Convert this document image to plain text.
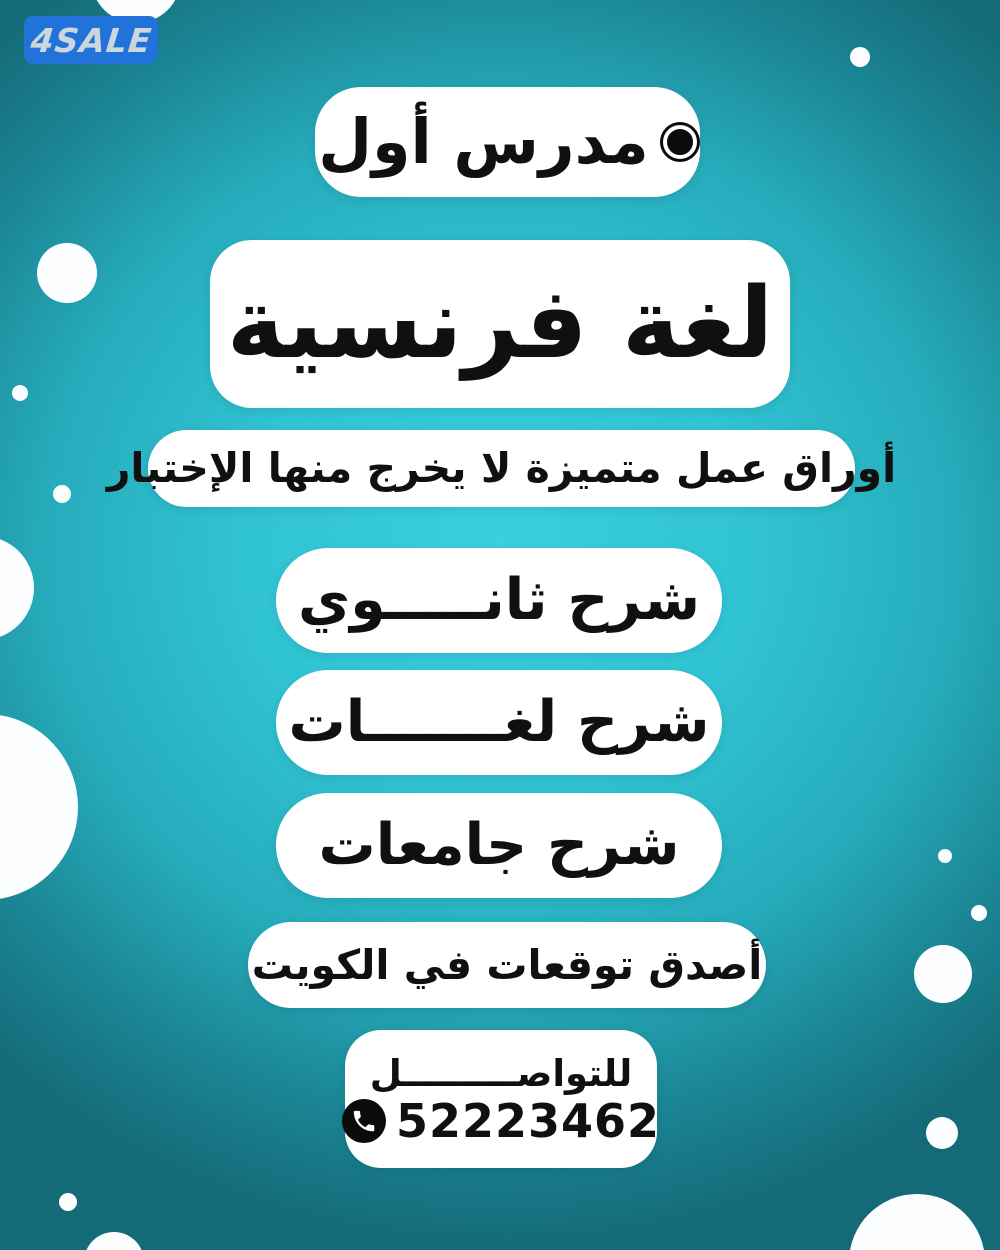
4SALE
مدرس أول
لغة فرنسية
أوراق عمل متميزة لا يخرج منها الإختبار
شرح ثانـــــوي
شرح لغـــــــات
شرح جامعات
أصدق توقعات في الكويت
للتواصـــــــــل
52223462
